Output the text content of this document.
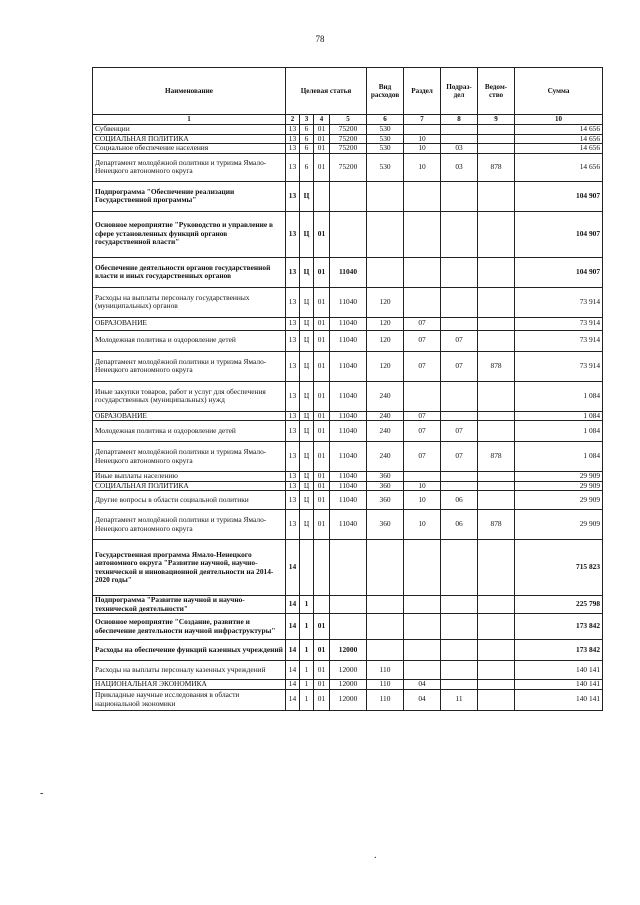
78
Наименование	Целевая статья				Вид расходов	Раздел	Подраз-дел	Ведом-ство	Сумма
1	2	3	4	5	6	7	8	9	10
Субвенции	13	6	01	75200	530				14 656
СОЦИАЛЬНАЯ ПОЛИТИКА	13	6	01	75200	530	10			14 656
Социальное обеспечение населения	13	6	01	75200	530	10	03		14 656
Департамент молодёжной политики и туризма Ямало-Ненецкого автономного округа	13	6	01	75200	530	10	03	878	14 656
Подпрограмма "Обеспечение реализации Государственной программы"	13	Ц							104 907
Основное мероприятие "Руководство и управление в сфере установленных функций органов государственной власти"	13	Ц	01						104 907
Обеспечение деятельности органов государственной власти и иных государственных органов	13	Ц	01	11040					104 907
Расходы на выплаты персоналу государственных (муниципальных) органов	13	Ц	01	11040	120				73 914
ОБРАЗОВАНИЕ	13	Ц	01	11040	120	07			73 914
Молодежная политика и оздоровление детей	13	Ц	01	11040	120	07	07		73 914
Департамент молодёжной политики и туризма Ямало-Ненецкого автономного округа	13	Ц	01	11040	120	07	07	878	73 914
Иные закупки товаров, работ и услуг для обеспечения государственных (муниципальных) нужд	13	Ц	01	11040	240				1 084
ОБРАЗОВАНИЕ	13	Ц	01	11040	240	07			1 084
Молодежная политика и оздоровление детей	13	Ц	01	11040	240	07	07		1 084
Департамент молодёжной политики и туризма Ямало-Ненецкого автономного округа	13	Ц	01	11040	240	07	07	878	1 084
Иные выплаты населению	13	Ц	01	11040	360				29 909
СОЦИАЛЬНАЯ ПОЛИТИКА	13	Ц	01	11040	360	10			29 909
Другие вопросы в области социальной политики	13	Ц	01	11040	360	10	06		29 909
Департамент молодёжной политики и туризма Ямало-Ненецкого автономного округа	13	Ц	01	11040	360	10	06	878	29 909
Государственная программа Ямало-Ненецкого автономного округа "Развитие научной, научно-технической и инновационной деятельности на 2014-2020 годы"	14								715 823
Подпрограмма "Развитие научной и научно-технической деятельности"	14	1							225 798
Основное мероприятие "Создание, развитие и обеспечение деятельности научной инфраструктуры"	14	1	01						173 842
Расходы на обеспечение функций казенных учреждений	14	1	01	12000					173 842
Расходы на выплаты персоналу казенных учреждений	14	1	01	12000	110				140 141
НАЦИОНАЛЬНАЯ ЭКОНОМИКА	14	1	01	12000	110	04			140 141
Прикладные научные исследования в области национальной экономики	14	1	01	12000	110	04	11		140 141
-
.
